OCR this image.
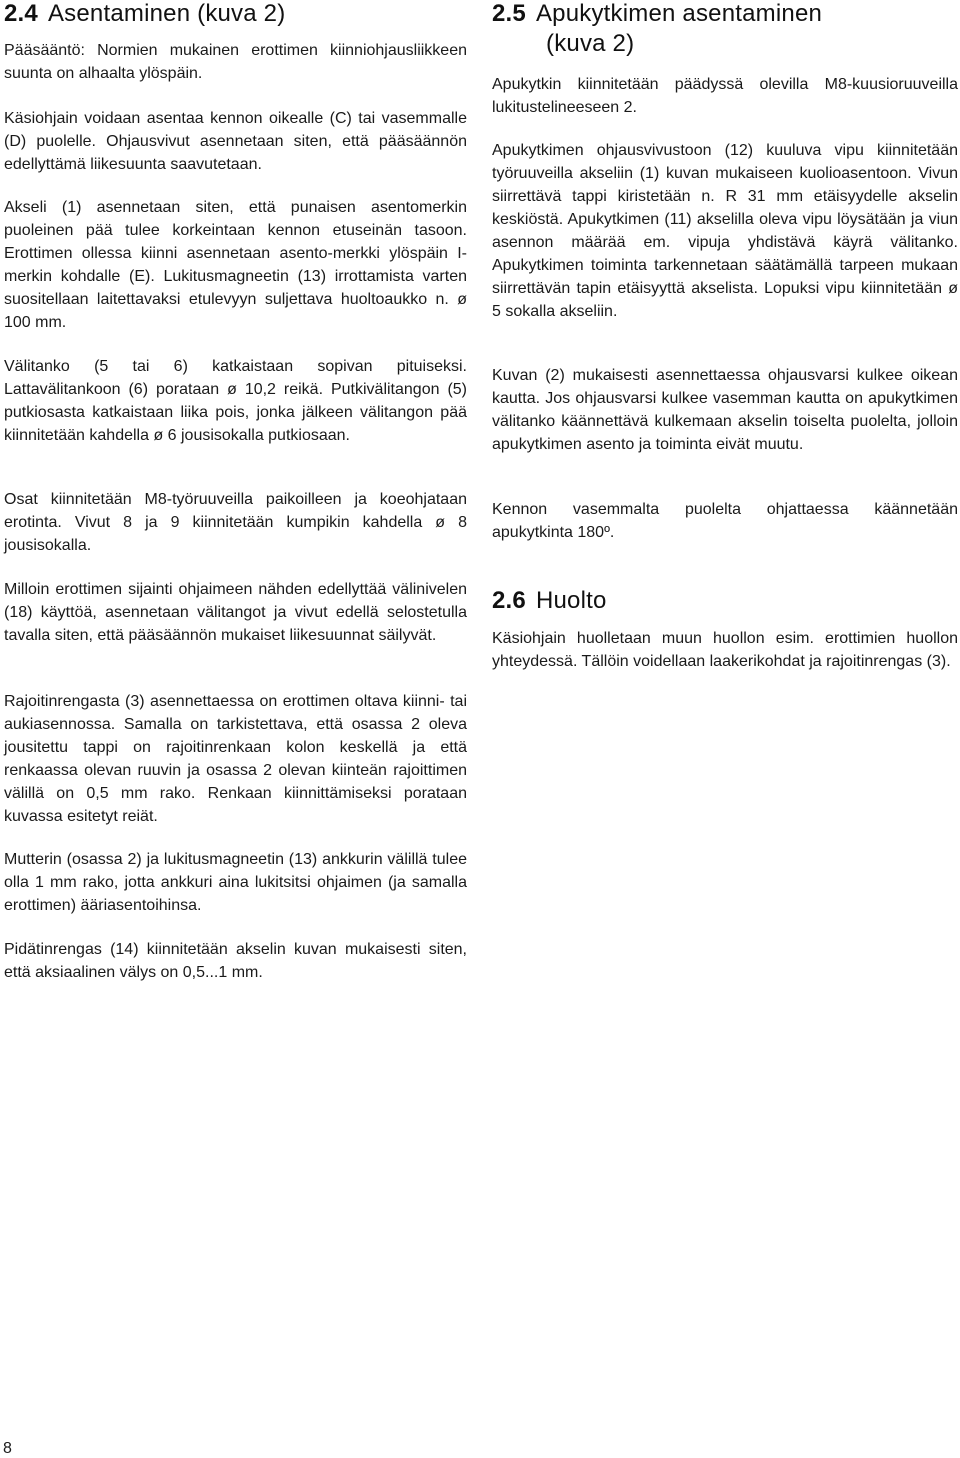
2.4 Asentaminen (kuva 2)

Pääsääntö: Normien mukainen erottimen kiinniohjausliikkeen suunta on alhaalta ylöspäin.

Käsiohjain voidaan asentaa kennon oikealle (C) tai vasemmalle (D) puolelle. Ohjausvivut asennetaan siten, että pääsäännön edellyttämä liikesuunta saavutetaan.

Akseli (1) asennetaan siten, että punaisen asentomerkin puoleinen pää tulee korkeintaan kennon etuseinän tasoon. Erottimen ollessa kiinni asennetaan asento-merkki ylöspäin I-merkin kohdalle (E). Lukitusmagneetin (13) irrottamista varten suositellaan laitettavaksi etulevyyn suljettava huoltoaukko n. ø 100 mm.

Välitanko (5 tai 6) katkaistaan sopivan pituiseksi. Lattavälitankoon (6) porataan ø 10,2 reikä. Putkivälitangon (5) putkiosasta katkaistaan liika pois, jonka jälkeen välitangon pää kiinnitetään kahdella ø 6 jousisokalla putkiosaan.

Osat kiinnitetään M8-työruuveilla paikoilleen ja koeohjataan erotinta. Vivut 8 ja 9 kiinnitetään kumpikin kahdella ø 8 jousisokalla.

Milloin erottimen sijainti ohjaimeen nähden edellyttää välinivelen (18) käyttöä, asennetaan välitangot ja vivut edellä selostetulla tavalla siten, että pääsäännön mukaiset liikesuunnat säilyvät.

Rajoitinrengasta (3) asennettaessa on erottimen oltava kiinni- tai aukiasennossa. Samalla on tarkistettava, että osassa 2 oleva jousitettu tappi on rajoitinrenkaan kolon keskellä ja että renkaassa olevan ruuvin ja osassa 2 olevan kiinteän rajoittimen välillä on 0,5 mm rako. Renkaan kiinnittämiseksi porataan kuvassa esitetyt reiät.

Mutterin (osassa 2) ja lukitusmagneetin (13) ankkurin välillä tulee olla 1 mm rako, jotta ankkuri aina lukitsitsi ohjaimen (ja samalla erottimen) ääriasentoihinsa.

Pidätinrengas (14) kiinnitetään akselin kuvan mukaisesti siten, että aksiaalinen välys on 0,5...1 mm.

2.5 Apukytkimen asentaminen
(kuva 2)

Apukytkin kiinnitetään päädyssä olevilla M8-kuusioruuveilla lukitustelineeseen 2.

Apukytkimen ohjausvivustoon (12) kuuluva vipu kiinnitetään työruuveilla akseliin (1) kuvan mukaiseen kuolioasentoon. Vivun siirrettävä tappi kiristetään n. R 31 mm etäisyydelle akselin keskiöstä. Apukytkimen (11) akselilla oleva vipu löysätään ja viun asennon määrää em. vipuja yhdistävä käyrä välitanko. Apukytkimen toiminta tarkennetaan säätämällä tarpeen mukaan siirrettävän tapin etäisyyttä akselista. Lopuksi vipu kiinnitetään ø 5 sokalla akseliin.

Kuvan (2) mukaisesti asennettaessa ohjausvarsi kulkee oikean kautta. Jos ohjausvarsi kulkee vasemman kautta on apukytkimen välitanko käännettävä kulkemaan akselin toiselta puolelta, jolloin apukytkimen asento ja toiminta eivät muutu.

Kennon vasemmalta puolelta ohjattaessa käännetään apukytkinta 180º.

2.6 Huolto

Käsiohjain huolletaan muun huollon esim. erottimien huollon yhteydessä. Tällöin voidellaan laakerikohdat ja rajoitinrengas (3).

8
